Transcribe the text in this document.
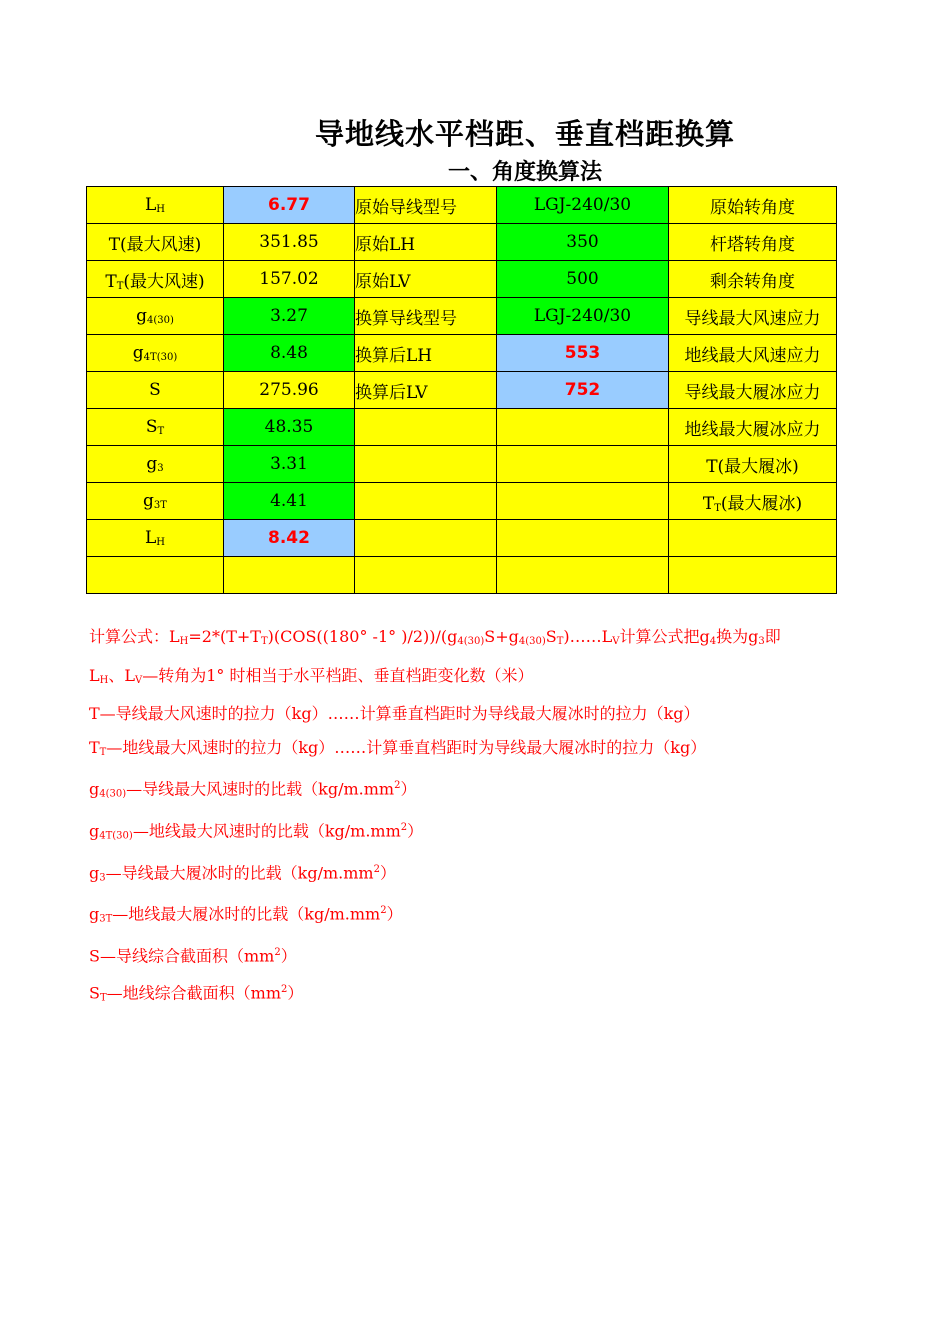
导地线水平档距、垂直档距换算
一、角度换算法
$L_H$	6.77	原始导线型号	LGJ-240/30	原始转角度
T(最大风速)	351.85	原始LH	350	杆塔转角度
$T_T$(最大风速)	157.02	原始LV	500	剩余转角度
$g_{4(30)}$	3.27	换算导线型号	LGJ-240/30	导线最大风速应力
$g_{4T(30)}$	8.48	换算后LH	553	地线最大风速应力
S	275.96	换算后LV	752	导线最大履冰应力
$S_T$	48.35			地线最大履冰应力
$g_3$	3.31			T(最大履冰)
$g_{3T}$	4.41			$T_T$(最大履冰)
$L_H$	8.42			

计算公式：$L_H=2*(T+T_T)(COS((180^\circ$ -1° )$/2))/(g_{4(30)}S+g_{4(30)}S_T)\dots\dots L_V$计算公式把$g_4$换为$g_3$即
$L_H$、$L_V—$转角为1° 时相当于水平档距、垂直档距变化数（米）
T—导线最大风速时的拉力（kg）……计算垂直档距时为导线最大履冰时的拉力（kg）
$T_T—$地线最大风速时的拉力（kg）……计算垂直档距时为导线最大履冰时的拉力（kg）
$g_{4(30)}—$导线最大风速时的比载$(kg/m.mm^2)$
$g_{4T(30)}—$地线最大风速时的比载$(kg/m.mm^2)$
$g_3—$导线最大履冰时的比载$(kg/m.mm^2)$
$g_{3T}—$地线最大履冰时的比载$(kg/m.mm^2)$
S—导线综合截面积$(mm^2)$
$S_T—$地线综合截面积$(mm^2)$
